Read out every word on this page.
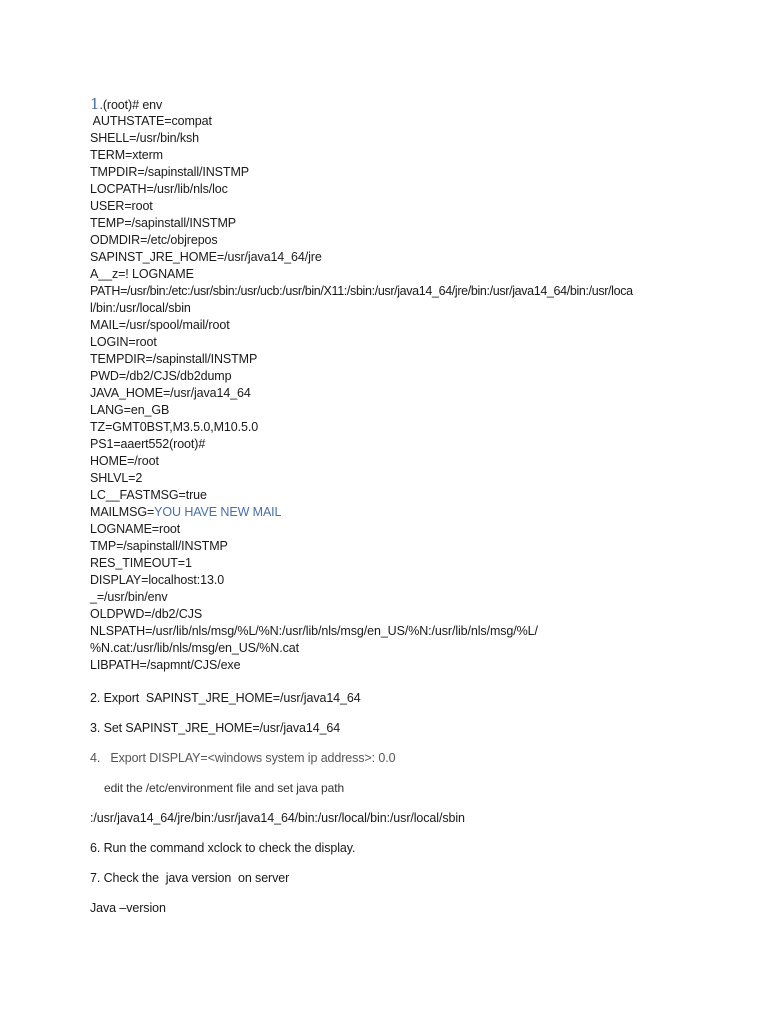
1.(root)# env
AUTHSTATE=compat
SHELL=/usr/bin/ksh
TERM=xterm
TMPDIR=/sapinstall/INSTMP
LOCPATH=/usr/lib/nls/loc
USER=root
TEMP=/sapinstall/INSTMP
ODMDIR=/etc/objrepos
SAPINST_JRE_HOME=/usr/java14_64/jre
A__z=! LOGNAME
PATH=/usr/bin:/etc:/usr/sbin:/usr/ucb:/usr/bin/X11:/sbin:/usr/java14_64/jre/bin:/usr/java14_64/bin:/usr/loca
l/bin:/usr/local/sbin
MAIL=/usr/spool/mail/root
LOGIN=root
TEMPDIR=/sapinstall/INSTMP
PWD=/db2/CJS/db2dump
JAVA_HOME=/usr/java14_64
LANG=en_GB
TZ=GMT0BST,M3.5.0,M10.5.0
PS1=aaert552(root)#
HOME=/root
SHLVL=2
LC__FASTMSG=true
MAILMSG=YOU HAVE NEW MAIL
LOGNAME=root
TMP=/sapinstall/INSTMP
RES_TIMEOUT=1
DISPLAY=localhost:13.0
_=/usr/bin/env
OLDPWD=/db2/CJS
NLSPATH=/usr/lib/nls/msg/%L/%N:/usr/lib/nls/msg/en_US/%N:/usr/lib/nls/msg/%L/
%N.cat:/usr/lib/nls/msg/en_US/%N.cat
LIBPATH=/sapmnt/CJS/exe
2. Export  SAPINST_JRE_HOME=/usr/java14_64
3. Set SAPINST_JRE_HOME=/usr/java14_64
4.   Export DISPLAY=<windows system ip address>: 0.0
edit the /etc/environment file and set java path
:/usr/java14_64/jre/bin:/usr/java14_64/bin:/usr/local/bin:/usr/local/sbin
6. Run the command xclock to check the display.
7. Check the  java version  on server
Java –version
